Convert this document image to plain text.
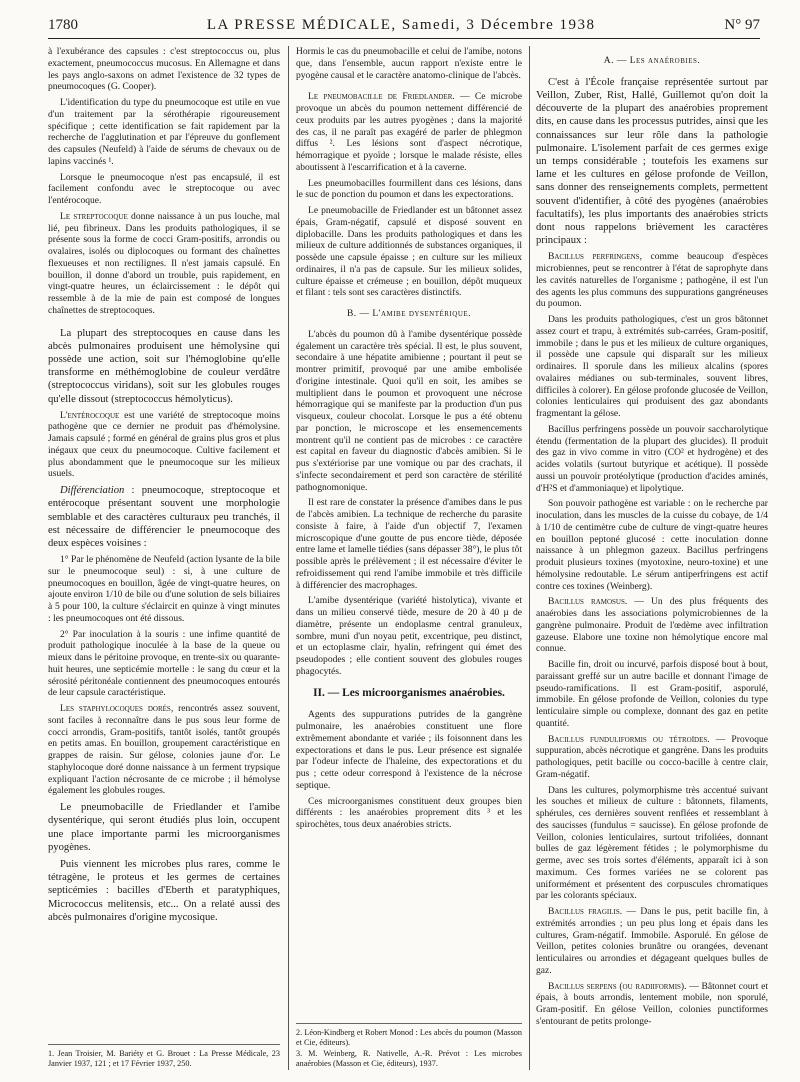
1780	LA PRESSE MÉDICALE, Samedi, 3 Décembre 1938	N° 97

à l'exubérance des capsules : c'est streptococcus ou, plus exactement, pneumococcus mucosus. En Allemagne et dans les pays anglo-saxons on admet l'existence de 32 types de pneumocoques (G. Cooper).

L'identification du type du pneumocoque est utile en vue d'un traitement par la sérothérapie rigoureusement spécifique ; cette identification se fait rapidement par la recherche de l'agglutination et par l'épreuve du gonflement des capsules (Neufeld) à l'aide de sérums de chevaux ou de lapins vaccinés ¹.

Lorsque le pneumocoque n'est pas encapsulé, il est facilement confondu avec le streptocoque ou avec l'entérocoque.

Le streptocoque donne naissance à un pus louche, mal lié, peu fibrineux. Dans les produits pathologiques, il se présente sous la forme de cocci Gram-positifs, arrondis ou ovalaires, isolés ou diplocoques ou formant des chaînettes flexueuses et non rectilignes. Il n'est jamais capsulé. En bouillon, il donne d'abord un trouble, puis rapidement, en vingt-quatre heures, un éclaircissement : le dépôt qui ressemble à de la mie de pain est composé de longues chaînettes de streptocoques.

La plupart des streptocoques en cause dans les abcès pulmonaires produisent une hémolysine qui possède une action, soit sur l'hémoglobine qu'elle transforme en méthémoglobine de couleur verdâtre (streptococcus viridans), soit sur les globules rouges qu'elle dissout (streptococcus hémolyticus).

L'entérocoque est une variété de streptocoque moins pathogène que ce dernier ne produit pas d'hémolysine. Jamais capsulé ; formé en général de grains plus gros et plus inégaux que ceux du pneumocoque. Cultive facilement et plus abondamment que le pneumocoque sur les milieux usuels.

Différenciation : pneumocoque, streptocoque et entérocoque présentant souvent une morphologie semblable et des caractères culturaux peu tranchés, il est nécessaire de différencier le pneumocoque des deux espèces voisines :

1° Par le phénomène de Neufeld (action lysante de la bile sur le pneumocoque seul) : si, à une culture de pneumocoques en bouillon, âgée de vingt-quatre heures, on ajoute environ 1/10 de bile ou d'une solution de sels biliaires à 5 pour 100, la culture s'éclaircit en quinze à vingt minutes : les pneumocoques ont été dissous.

2° Par inoculation à la souris : une infime quantité de produit pathologique inoculée à la base de la queue ou mieux dans le péritoine provoque, en trente-six ou quarante-huit heures, une septicémie mortelle : le sang du cœur et la sérosité péritonéale contiennent des pneumocoques entourés de leur capsule caractéristique.

Les staphylocoques dorés, rencontrés assez souvent, sont faciles à reconnaître dans le pus sous leur forme de cocci arrondis, Gram-positifs, tantôt isolés, tantôt groupés en petits amas. En bouillon, groupement caractéristique en grappes de raisin. Sur gélose, colonies jaune d'or. Le staphylocoque doré donne naissance à un ferment trypsique expliquant l'action nécrosante de ce microbe ; il hémolyse également les globules rouges.

Le pneumobacille de Friedlander et l'amibe dysentérique, qui seront étudiés plus loin, occupent une place importante parmi les microorganismes pyogènes.

Puis viennent les microbes plus rares, comme le tétragène, le proteus et les germes de certaines septicémies : bacilles d'Eberth et paratyphiques, Micrococcus melitensis, etc... On a relaté aussi des abcès pulmonaires d'origine mycosique.

1. Jean Troisier, M. Bariéty et G. Brouet : La Presse Médicale, 23 Janvier 1937, 121 ; et 17 Février 1937, 250.

Hormis le cas du pneumobacille et celui de l'amibe, notons que, dans l'ensemble, aucun rapport n'existe entre le pyogène causal et le caractère anatomo-clinique de l'abcès.

Le pneumobacille de Friedlander. — Ce microbe provoque un abcès du poumon nettement différencié de ceux produits par les autres pyogènes ; dans la majorité des cas, il ne paraît pas exagéré de parler de phlegmon diffus ². Les lésions sont d'aspect nécrotique, hémorragique et pyoïde ; lorsque le malade résiste, elles aboutissent à l'escarrification et à la caverne.

Les pneumobacilles fourmillent dans ces lésions, dans le suc de ponction du poumon et dans les expectorations.

Le pneumobacille de Friedlander est un bâtonnet assez épais, Gram-négatif, capsulé et disposé souvent en diplobacille. Dans les produits pathologiques et dans les milieux de culture additionnés de substances organiques, il possède une capsule épaisse ; en culture sur les milieux ordinaires, il n'a pas de capsule. Sur les milieux solides, culture épaisse et crémeuse ; en bouillon, dépôt muqueux et filant : tels sont ses caractères distinctifs.

B. — L'amibe dysentérique.

L'abcès du poumon dû à l'amibe dysentérique possède également un caractère très spécial. Il est, le plus souvent, secondaire à une hépatite amibienne ; pourtant il peut se montrer primitif, provoqué par une amibe embolisée d'origine intestinale. Quoi qu'il en soit, les amibes se multiplient dans le poumon et provoquent une nécrose hémorragique qui se manifeste par la production d'un pus visqueux, couleur chocolat. Lorsque le pus a été obtenu par ponction, le microscope et les ensemencements montrent qu'il ne contient pas de microbes : ce caractère est capital en faveur du diagnostic d'abcès amibien. Si le pus s'extériorise par une vomique ou par des crachats, il s'infecte secondairement et perd son caractère de stérilité pathognomonique.

Il est rare de constater la présence d'amibes dans le pus de l'abcès amibien. La technique de recherche du parasite consiste à faire, à l'aide d'un objectif 7, l'examen microscopique d'une goutte de pus encore tiède, déposée entre lame et lamelle tiédies (sans dépasser 38°), le plus tôt possible après le prélèvement ; il est nécessaire d'éviter le refroidissement qui rend l'amibe immobile et très difficile à différencier des macrophages.

L'amibe dysentérique (variété histolytica), vivante et dans un milieu conservé tiède, mesure de 20 à 40 µ de diamètre, présente un endoplasme central granuleux, sombre, muni d'un noyau petit, excentrique, peu distinct, et un ectoplasme clair, hyalin, refringent qui émet des pseudopodes ; elle contient souvent des globules rouges phagocytés.

II. — Les microorganismes anaérobies.

Agents des suppurations putrides de la gangrène pulmonaire, les anaérobies constituent une flore extrêmement abondante et variée ; ils foisonnent dans les expectorations et dans le pus. Leur présence est signalée par l'odeur infecte de l'haleine, des expectorations et du pus ; cette odeur correspond à l'existence de la nécrose septique.

Ces microorganismes constituent deux groupes bien différents : les anaérobies proprement dits ³ et les spirochètes, tous deux anaérobies stricts.

2. Léon-Kindberg et Robert Monod : Les abcès du poumon (Masson et Cie, éditeurs).

3. M. Weinberg, R. Nativelle, A.-R. Prévot : Les microbes anaérobies (Masson et Cie, éditeurs), 1937.

A. — Les anaérobies.

C'est à l'École française représentée surtout par Veillon, Zuber, Rist, Hallé, Guillemot qu'on doit la découverte de la plupart des anaérobies proprement dits, en cause dans les processus putrides, ainsi que les connaissances sur leur rôle dans la pathologie pulmonaire. L'isolement parfait de ces germes exige un temps considérable ; toutefois les examens sur lame et les cultures en gélose profonde de Veillon, sans donner des renseignements complets, permettent souvent d'identifier, à côté des pyogènes (anaérobies facultatifs), les plus importants des anaérobies stricts dont nous rappelons brièvement les caractères principaux :

Bacillus perfringens, comme beaucoup d'espèces microbiennes, peut se rencontrer à l'état de saprophyte dans les cavités naturelles de l'organisme ; pathogène, il est l'un des agents les plus communs des suppurations gangréneuses du poumon.

Dans les produits pathologiques, c'est un gros bâtonnet assez court et trapu, à extrémités sub-carrées, Gram-positif, immobile ; dans le pus et les milieux de culture organiques, il possède une capsule qui disparaît sur les milieux ordinaires. Il sporule dans les milieux alcalins (spores ovalaires médianes ou sub-terminales, souvent libres, difficiles à colorer). En gélose profonde glucosée de Veillon, colonies lenticulaires qui produisent des gaz abondants fragmentant la gélose.

Bacillus perfringens possède un pouvoir saccharolytique étendu (fermentation de la plupart des glucides). Il produit des gaz in vivo comme in vitro (CO² et hydrogène) et des acides volatils (surtout butyrique et acétique). Il possède aussi un pouvoir protéolytique (production d'acides aminés, d'H²S et d'ammoniaque) et lipolytique.

Son pouvoir pathogène est variable : on le recherche par inoculation, dans les muscles de la cuisse du cobaye, de 1/4 à 1/10 de centimètre cube de culture de vingt-quatre heures en bouillon peptoné glucosé : cette inoculation donne naissance à un phlegmon gazeux. Bacillus perfringens produit plusieurs toxines (myotoxine, neuro-toxine) et une hémolysine redoutable. Le sérum antiperfringens est actif contre ces toxines (Weinberg).

Bacillus ramosus. — Un des plus fréquents des anaérobies dans les associations polymicrobiennes de la gangrène pulmonaire. Produit de l'œdème avec infiltration gazeuse. Elabore une toxine non hémolytique encore mal connue.

Bacille fin, droit ou incurvé, parfois disposé bout à bout, paraissant greffé sur un autre bacille et donnant l'image de pseudo-ramifications. Il est Gram-positif, asporulé, immobile. En gélose profonde de Veillon, colonies du type lenticulaire simple ou complexe, donnant des gaz en petite quantité.

Bacillus funduliformis ou tétroïdes. — Provoque suppuration, abcès nécrotique et gangrène. Dans les produits pathologiques, petit bacille ou cocco-bacille à centre clair, Gram-négatif.

Dans les cultures, polymorphisme très accentué suivant les souches et milieux de culture : bâtonnets, filaments, sphérules, ces dernières souvent renflées et ressemblant à des saucisses (fundulus = saucisse). En gélose profonde de Veillon, colonies lenticulaires, surtout trifoliées, donnant bulles de gaz légèrement fétides ; le polymorphisme du germe, avec ses trois sortes d'éléments, apparaît ici à son maximum. Ces formes variées ne se colorent pas uniformément et présentent des corpuscules chromatiques par les colorants spéciaux.

Bacillus fragilis. — Dans le pus, petit bacille fin, à extrémités arrondies ; un peu plus long et épais dans les cultures, Gram-négatif. Immobile. Asporulé. En gélose de Veillon, petites colonies brunâtre ou orangées, devenant lenticulaires ou arrondies et dégageant quelques bulles de gaz.

Bacillus serpens (ou radiiformis). — Bâtonnet court et épais, à bouts arrondis, lentement mobile, non sporulé, Gram-positif. En gélose Veillon, colonies punctiformes s'entourant de petits prolonge-
